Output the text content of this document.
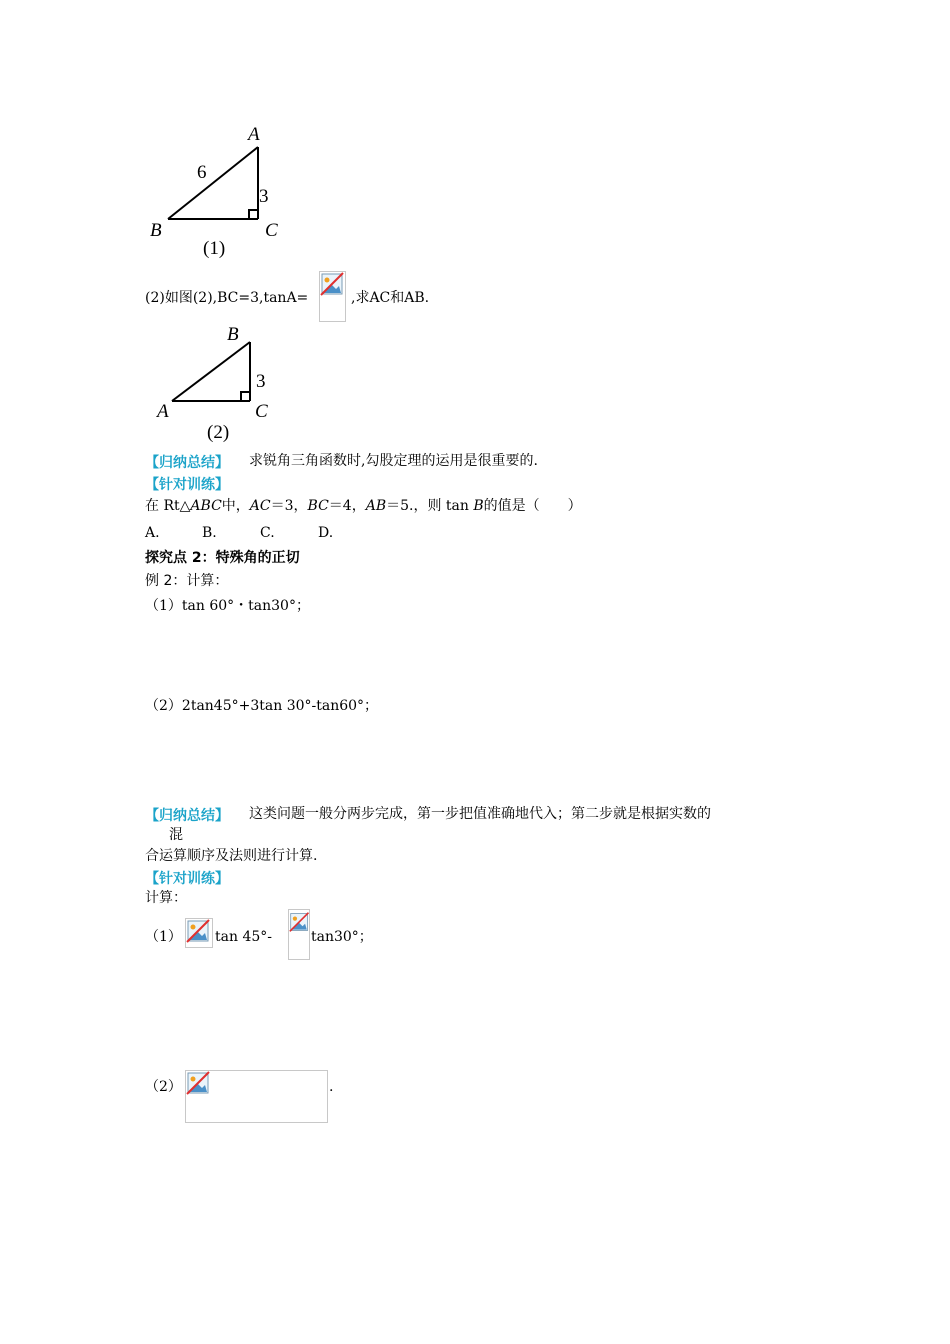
A
B	C
6
3
(1)
(2)如图(2),BC=3,tanA=	,求AC和AB.
B
A	C
3
(2)
【归纳总结】 求锐角三角函数时,勾股定理的运用是很重要的.
【针对训练】
在 Rt△ABC中，AC＝3，BC＝4，AB＝5.，则 tan B的值是（　　）
A.	B.	C.	D.
探究点 2：特殊角的正切
例 2：计算：
（1）tan 60°・tan30°；
（2）2tan45°+3tan 30°-tan60°；
【归纳总结】 这类问题一般分两步完成，第一步把值准确地代入；第二步就是根据实数的
混
合运算顺序及法则进行计算.
【针对训练】
计算：
（1） tan 45°-	tan30°；
（2）	.
